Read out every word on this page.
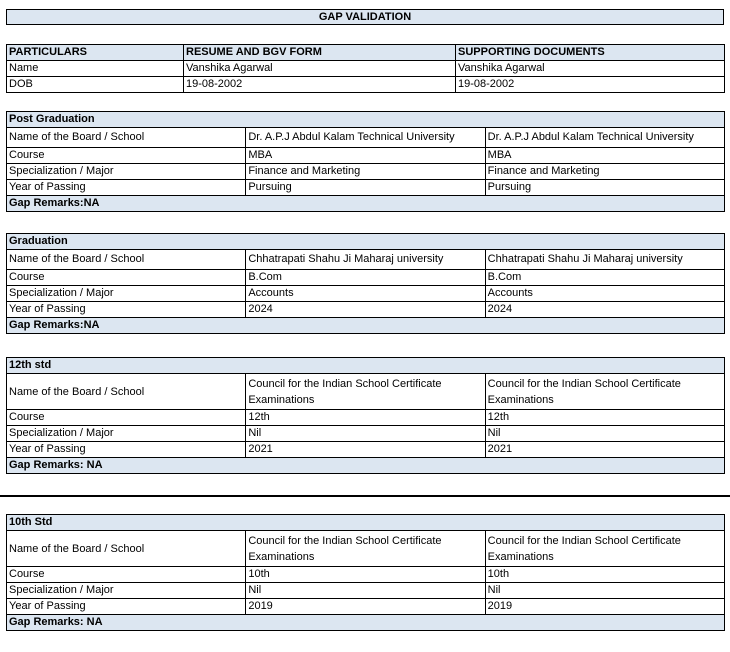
GAP VALIDATION
PARTICULARS	RESUME AND BGV FORM	SUPPORTING DOCUMENTS
Name	Vanshika Agarwal	Vanshika Agarwal
DOB	19-08-2002	19-08-2002
Post Graduation		
Name of the Board / School	Dr. A.P.J Abdul Kalam Technical University	Dr. A.P.J Abdul Kalam Technical University
Course	MBA	MBA
Specialization / Major	Finance and Marketing	Finance and Marketing
Year of Passing	Pursuing	Pursuing
Gap Remarks:NA		
Graduation		
Name of the Board / School	Chhatrapati Shahu Ji Maharaj university	Chhatrapati Shahu Ji Maharaj university
Course	B.Com	B.Com
Specialization / Major	Accounts	Accounts
Year of Passing	2024	2024
Gap Remarks:NA		
12th std		
Name of the Board / School	Council for the Indian School Certificate Examinations	Council for the Indian School Certificate Examinations
Course	12th	12th
Specialization / Major	Nil	Nil
Year of Passing	2021	2021
Gap Remarks: NA		
10th Std		
Name of the Board / School	Council for the Indian School Certificate Examinations	Council for the Indian School Certificate Examinations
Course	10th	10th
Specialization / Major	Nil	Nil
Year of Passing	2019	2019
Gap Remarks: NA		
